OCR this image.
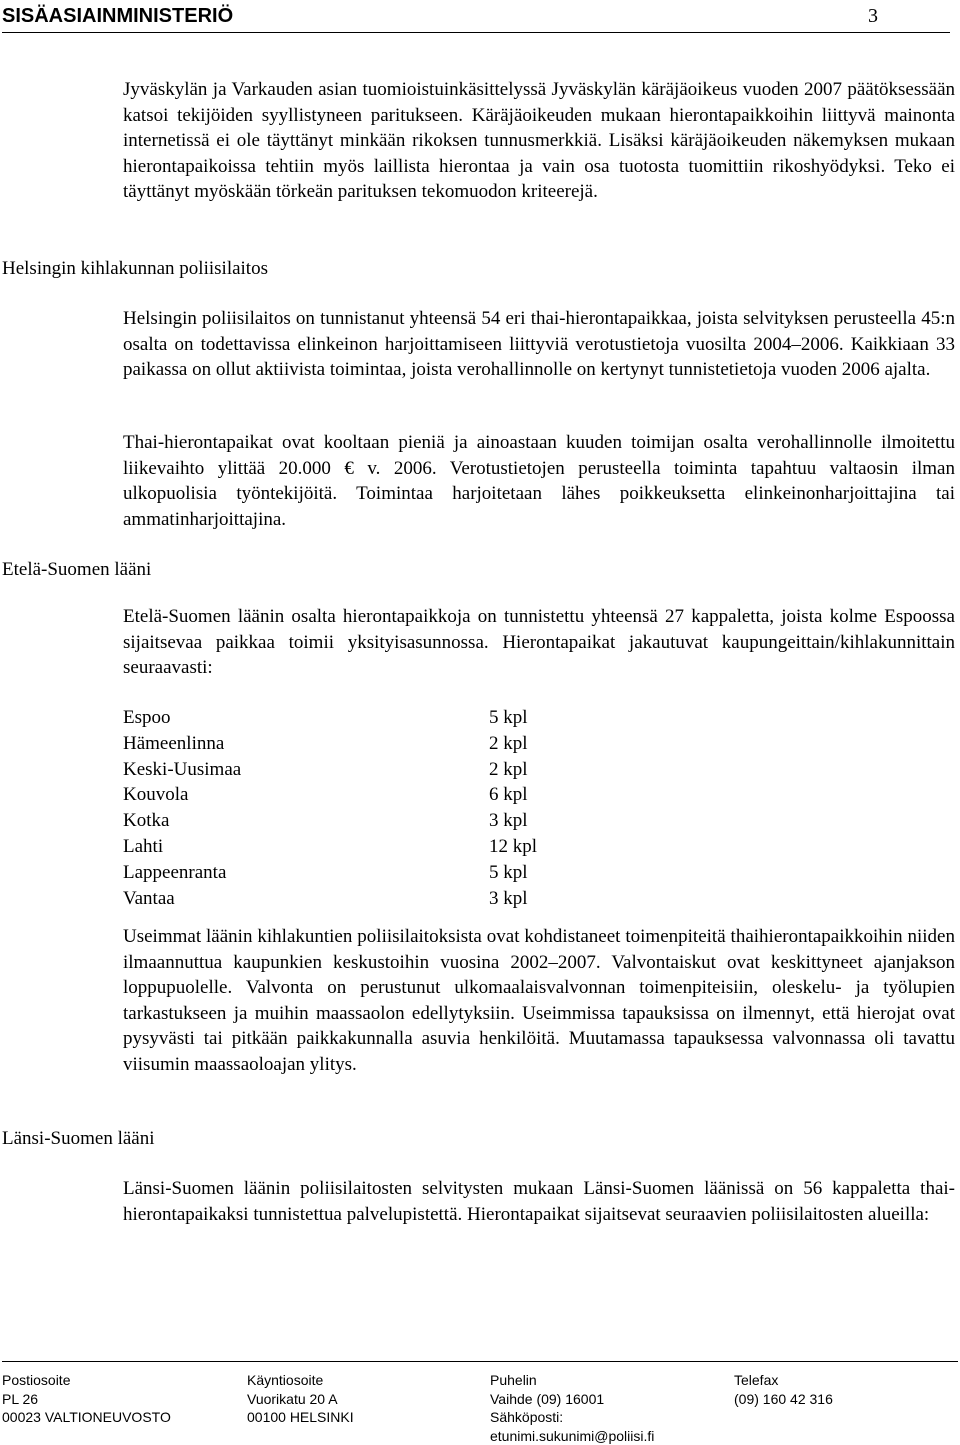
SISÄASIAINMINISTERIÖ	3
Jyväskylän ja Varkauden asian tuomioistuinkäsittelyssä Jyväskylän käräjäoikeus vuoden 2007 päätöksessään katsoi tekijöiden syyllistyneen paritukseen. Käräjäoikeuden mukaan hierontapaikkoihin liittyvä mainonta internetissä ei ole täyttänyt minkään rikoksen tunnusmerkkiä. Lisäksi käräjäoikeuden näkemyksen mukaan hierontapaikoissa tehtiin myös laillista hierontaa ja vain osa tuotosta tuomittiin rikoshyödyksi. Teko ei täyttänyt myöskään törkeän parituksen tekomuodon kriteerejä.
Helsingin kihlakunnan poliisilaitos
Helsingin poliisilaitos on tunnistanut yhteensä 54 eri thai-hierontapaikkaa, joista selvityksen perusteella 45:n osalta on todettavissa elinkeinon harjoittamiseen liittyviä verotustietoja vuosilta 2004–2006. Kaikkiaan 33 paikassa on ollut aktiivista toimintaa, joista verohallinnolle on kertynyt tunnistetietoja vuoden 2006 ajalta.
Thai-hierontapaikat ovat kooltaan pieniä ja ainoastaan kuuden toimijan osalta verohallinnolle ilmoitettu liikevaihto ylittää 20.000 € v. 2006. Verotustietojen perusteella toiminta tapahtuu valtaosin ilman ulkopuolisia työntekijöitä. Toimintaa harjoitetaan lähes poikkeuksetta elinkeinonharjoittajina tai ammatinharjoittajina.
Etelä-Suomen lääni
Etelä-Suomen läänin osalta hierontapaikkoja on tunnistettu yhteensä 27 kappaletta, joista kolme Espoossa sijaitsevaa paikkaa toimii yksityisasunnossa. Hierontapaikat jakautuvat kaupungeittain/kihlakunnittain seuraavasti:
Espoo	5 kpl
Hämeenlinna	2 kpl
Keski-Uusimaa	2 kpl
Kouvola	6 kpl
Kotka	3 kpl
Lahti	12 kpl
Lappeenranta	5 kpl
Vantaa	3 kpl
Useimmat läänin kihlakuntien poliisilaitoksista ovat kohdistaneet toimenpiteitä thaihierontapaikkoihin niiden ilmaannuttua kaupunkien keskustoihin vuosina 2002–2007. Valvontaiskut ovat keskittyneet ajanjakson loppupuolelle. Valvonta on perustunut ulkomaalaisvalvonnan toimenpiteisiin, oleskelu- ja työlupien tarkastukseen ja muihin maassaolon edellytyksiin. Useimmissa tapauksissa on ilmennyt, että hierojat ovat pysyvästi tai pitkään paikkakunnalla asuvia henkilöitä. Muutamassa tapauksessa valvonnassa oli tavattu viisumin maassaoloajan ylitys.
Länsi-Suomen lääni
Länsi-Suomen läänin poliisilaitosten selvitysten mukaan Länsi-Suomen läänissä on 56 kappaletta thai-hierontapaikaksi tunnistettua palvelupistettä. Hierontapaikat sijaitsevat seuraavien poliisilaitosten alueilla:
Postiosoite
PL 26
00023 VALTIONEUVOSTO
Käyntiosoite
Vuorikatu 20 A
00100 HELSINKI
Puhelin
Vaihde (09) 16001
Sähköposti:
etunimi.sukunimi@poliisi.fi
Telefax
(09) 160 42 316
